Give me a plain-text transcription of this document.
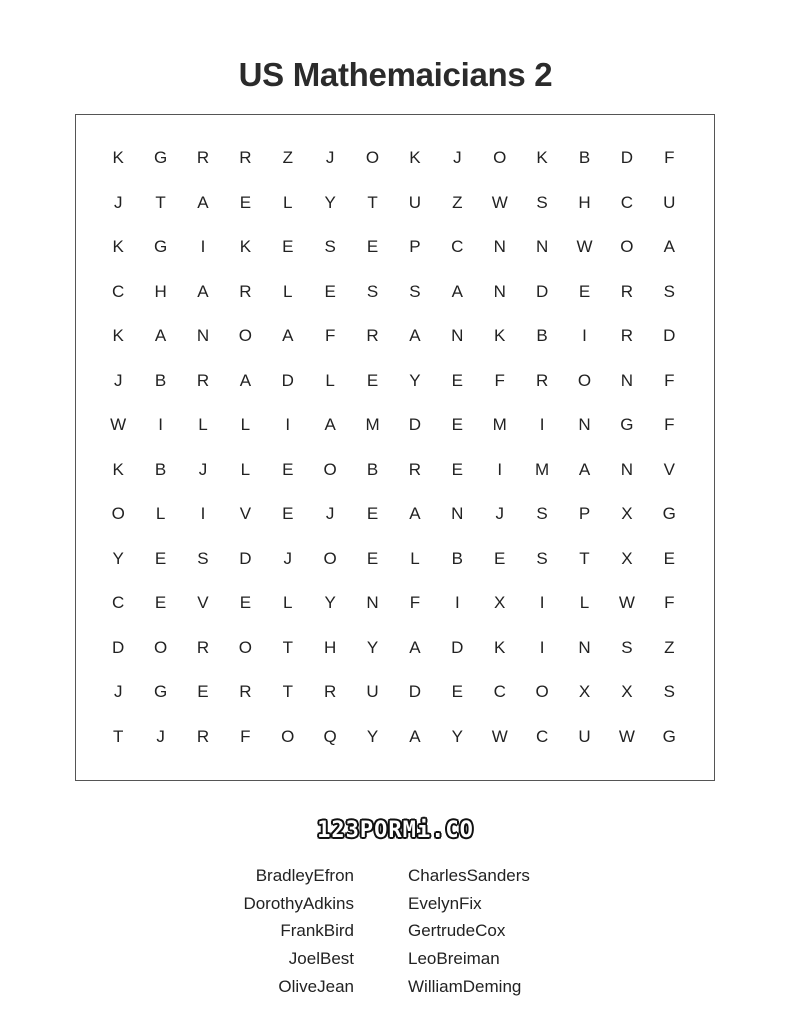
US Mathemaicians 2
K	G	R	R	Z	J	O	K	J	O	K	B	D	F
J	T	A	E	L	Y	T	U	Z	W	S	H	C	U
K	G	I	K	E	S	E	P	C	N	N	W	O	A
C	H	A	R	L	E	S	S	A	N	D	E	R	S
K	A	N	O	A	F	R	A	N	K	B	I	R	D
J	B	R	A	D	L	E	Y	E	F	R	O	N	F
W	I	L	L	I	A	M	D	E	M	I	N	G	F
K	B	J	L	E	O	B	R	E	I	M	A	N	V
O	L	I	V	E	J	E	A	N	J	S	P	X	G
Y	E	S	D	J	O	E	L	B	E	S	T	X	E
C	E	V	E	L	Y	N	F	I	X	I	L	W	F
D	O	R	O	T	H	Y	A	D	K	I	N	S	Z
J	G	E	R	T	R	U	D	E	C	O	X	X	S
T	J	R	F	O	Q	Y	A	Y	W	C	U	W	G
123PORMi.CO
BradleyEfron
DorothyAdkins
FrankBird
JoelBest
OliveJean
CharlesSanders
EvelynFix
GertrudeCox
LeoBreiman
WilliamDeming
